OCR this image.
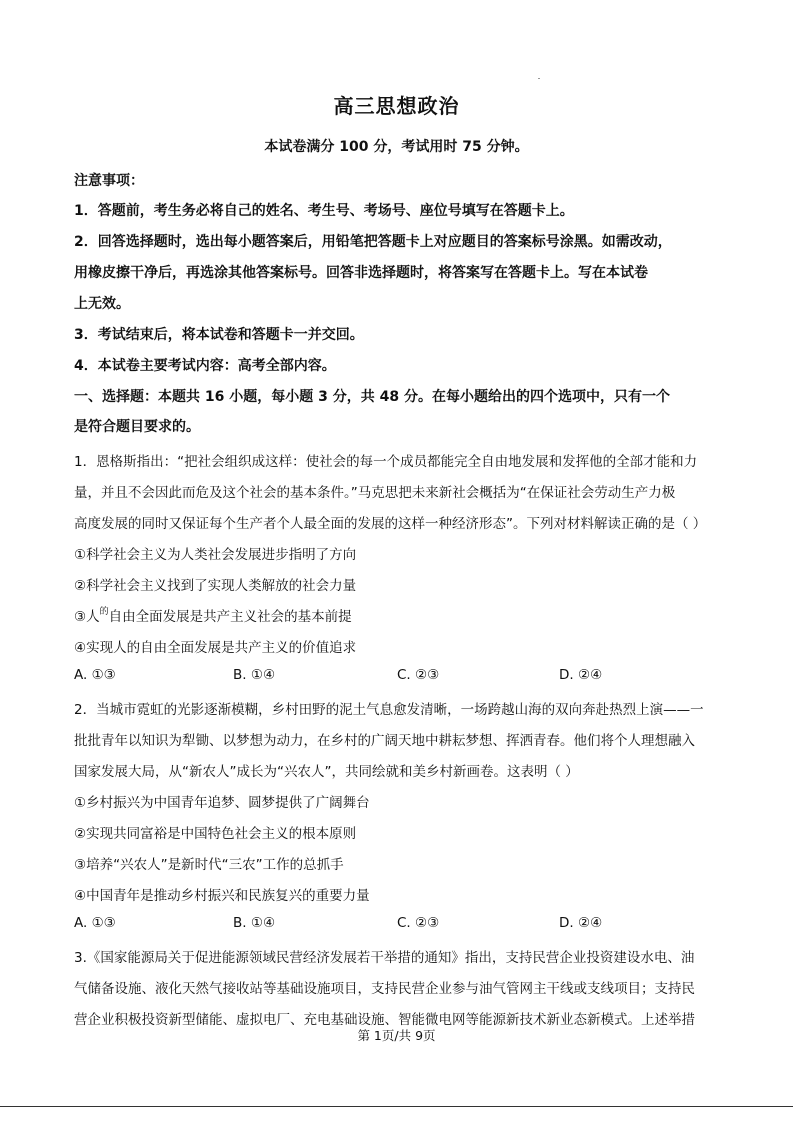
高三思想政治
本试卷满分 100 分，考试用时 75 分钟。
注意事项：
1．答题前，考生务必将自己的姓名、考生号、考场号、座位号填写在答题卡上。
2．回答选择题时，选出每小题答案后，用铅笔把答题卡上对应题目的答案标号涂黑。如需改动，
用橡皮擦干净后，再选涂其他答案标号。回答非选择题时，将答案写在答题卡上。写在本试卷
上无效。
3．考试结束后，将本试卷和答题卡一并交回。
4．本试卷主要考试内容：高考全部内容。
一、选择题：本题共 16 小题，每小题 3 分，共 48 分。在每小题给出的四个选项中，只有一个
是符合题目要求的。
1．恩格斯指出：“把社会组织成这样：使社会的每一个成员都能完全自由地发展和发挥他的全部才能和力
量，并且不会因此而危及这个社会的基本条件。”马克思把未来新社会概括为“在保证社会劳动生产力极
高度发展的同时又保证每个生产者个人最全面的发展的这样一种经济形态”。下列对材料解读正确的是（ ）
①科学社会主义为人类社会发展进步指明了方向
②科学社会主义找到了实现人类解放的社会力量
③人$^的$自由全面发展是共产主义社会的基本前提
④实现人的自由全面发展是共产主义的价值追求
A. ①③	B. ①④	C. ②③	D. ②④
2．当城市霓虹的光影逐渐模糊，乡村田野的泥土气息愈发清晰，一场跨越山海的双向奔赴热烈上演——一
批批青年以知识为犁锄、以梦想为动力，在乡村的广阔天地中耕耘梦想、挥洒青春。他们将个人理想融入
国家发展大局，从“新农人”成长为“兴农人”，共同绘就和美乡村新画卷。这表明（ ）
①乡村振兴为中国青年追梦、圆梦提供了广阔舞台
②实现共同富裕是中国特色社会主义的根本原则
③培养“兴农人”是新时代“三农”工作的总抓手
④中国青年是推动乡村振兴和民族复兴的重要力量
A. ①③	B. ①④	C. ②③	D. ②④
3.《国家能源局关于促进能源领域民营经济发展若干举措的通知》指出，支持民营企业投资建设水电、油
气储备设施、液化天然气接收站等基础设施项目，支持民营企业参与油气管网主干线或支线项目；支持民
营企业积极投资新型储能、虚拟电厂、充电基础设施、智能微电网等能源新技术新业态新模式。上述举措
第 1页/共 9页
